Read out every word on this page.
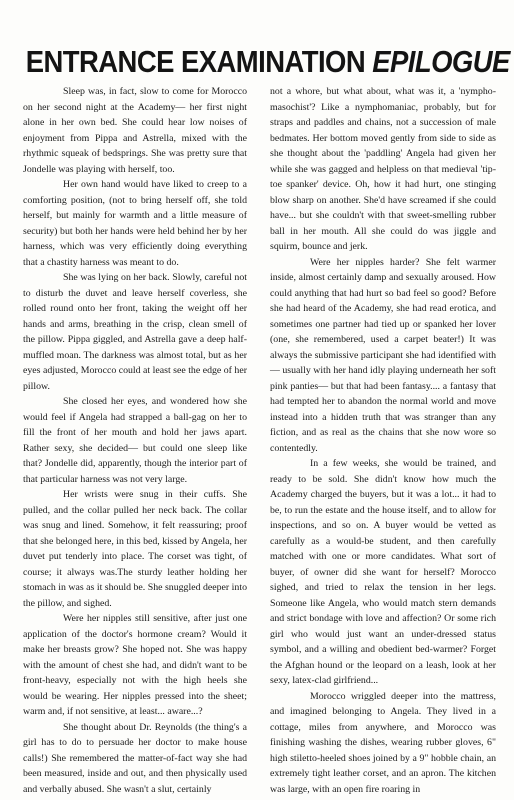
ENTRANCE EXAMINATION EPILOGUE

Sleep was, in fact, slow to come for Morocco on her second night at the Academy— her first night alone in her own bed. She could hear low noises of enjoyment from Pippa and Astrella, mixed with the rhythmic squeak of bedsprings. She was pretty sure that Jondelle was playing with herself, too.

Her own hand would have liked to creep to a comforting position, (not to bring herself off, she told herself, but mainly for warmth and a little measure of security) but both her hands were held behind her by her harness, which was very efficiently doing everything that a chastity harness was meant to do.

She was lying on her back. Slowly, careful not to disturb the duvet and leave herself coverless, she rolled round onto her front, taking the weight off her hands and arms, breathing in the crisp, clean smell of the pillow. Pippa giggled, and Astrella gave a deep half-muffled moan. The darkness was almost total, but as her eyes adjusted, Morocco could at least see the edge of her pillow.

She closed her eyes, and wondered how she would feel if Angela had strapped a ball-gag on her to fill the front of her mouth and hold her jaws apart. Rather sexy, she decided— but could one sleep like that? Jondelle did, apparently, though the interior part of that particular harness was not very large.

Her wrists were snug in their cuffs. She pulled, and the collar pulled her neck back. The collar was snug and lined. Somehow, it felt reassuring; proof that she belonged here, in this bed, kissed by Angela, her duvet put tenderly into place. The corset was tight, of course; it always was.The sturdy leather holding her stomach in was as it should be. She snuggled deeper into the pillow, and sighed.

Were her nipples still sensitive, after just one application of the doctor's hormone cream? Would it make her breasts grow? She hoped not. She was happy with the amount of chest she had, and didn't want to be front-heavy, especially not with the high heels she would be wearing. Her nipples pressed into the sheet; warm and, if not sensitive, at least... aware...?

She thought about Dr. Reynolds (the thing's a girl has to do to persuade her doctor to make house calls!) She remembered the matter-of-fact way she had been measured, inside and out, and then physically used and verbally abused. She wasn't a slut, certainly

not a whore, but what about, what was it, a 'nympho-masochist'? Like a nymphomaniac, probably, but for straps and paddles and chains, not a succession of male bedmates. Her bottom moved gently from side to side as she thought about the 'paddling' Angela had given her while she was gagged and helpless on that medieval 'tip-toe spanker' device. Oh, how it had hurt, one stinging blow sharp on another. She'd have screamed if she could have... but she couldn't with that sweet-smelling rubber ball in her mouth. All she could do was jiggle and squirm, bounce and jerk.

Were her nipples harder? She felt warmer inside, almost certainly damp and sexually aroused. How could anything that had hurt so bad feel so good? Before she had heard of the Academy, she had read erotica, and sometimes one partner had tied up or spanked her lover (one, she remembered, used a carpet beater!) It was always the submissive participant she had identified with— usually with her hand idly playing underneath her soft pink panties— but that had been fantasy.... a fantasy that had tempted her to abandon the normal world and move instead into a hidden truth that was stranger than any fiction, and as real as the chains that she now wore so contentedly.

In a few weeks, she would be trained, and ready to be sold. She didn't know how much the Academy charged the buyers, but it was a lot... it had to be, to run the estate and the house itself, and to allow for inspections, and so on. A buyer would be vetted as carefully as a would-be student, and then carefully matched with one or more candidates. What sort of buyer, of owner did she want for herself? Morocco sighed, and tried to relax the tension in her legs. Someone like Angela, who would match stern demands and strict bondage with love and affection? Or some rich girl who would just want an under-dressed status symbol, and a willing and obedient bed-warmer? Forget the Afghan hound or the leopard on a leash, look at her sexy, latex-clad girlfriend...

Morocco wriggled deeper into the mattress, and imagined belonging to Angela. They lived in a cottage, miles from anywhere, and Morocco was finishing washing the dishes, wearing rubber gloves, 6" high stiletto-heeled shoes joined by a 9" hobble chain, an extremely tight leather corset, and an apron. The kitchen was large, with an open fire roaring in
